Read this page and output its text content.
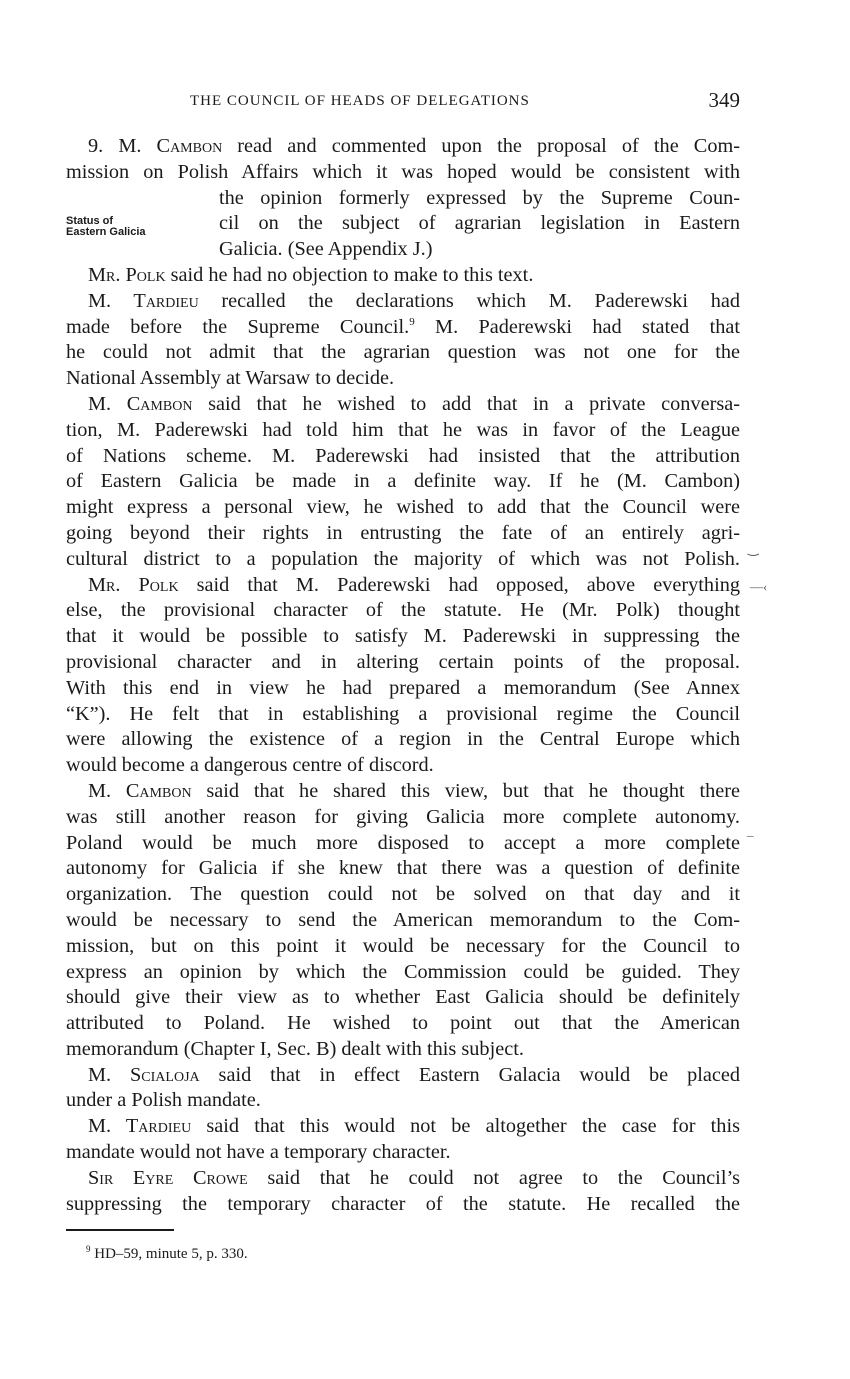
THE COUNCIL OF HEADS OF DELEGATIONS	349
Status of
Eastern Galicia
9. M. Cambon read and commented upon the proposal of the Com-
mission on Polish Affairs which it was hoped would be consistent with
the opinion formerly expressed by the Supreme Coun-
cil on the subject of agrarian legislation in Eastern
Galicia. (See Appendix J.)
Mr. Polk said he had no objection to make to this text.
M. Tardieu recalled the declarations which M. Paderewski had
made before the Supreme Council.$^9$ M. Paderewski had stated that
he could not admit that the agrarian question was not one for the
National Assembly at Warsaw to decide.
M. Cambon said that he wished to add that in a private conversa-
tion, M. Paderewski had told him that he was in favor of the League
of Nations scheme. M. Paderewski had insisted that the attribution
of Eastern Galicia be made in a definite way. If he (M. Cambon)
might express a personal view, he wished to add that the Council were
going beyond their rights in entrusting the fate of an entirely agri-
cultural district to a population the majority of which was not Polish.
Mr. Polk said that M. Paderewski had opposed, above everything
else, the provisional character of the statute. He (Mr. Polk) thought
that it would be possible to satisfy M. Paderewski in suppressing the
provisional character and in altering certain points of the proposal.
With this end in view he had prepared a memorandum (See Annex
“K”). He felt that in establishing a provisional regime the Council
were allowing the existence of a region in the Central Europe which
would become a dangerous centre of discord.
M. Cambon said that he shared this view, but that he thought there
was still another reason for giving Galicia more complete autonomy.
Poland would be much more disposed to accept a more complete
autonomy for Galicia if she knew that there was a question of definite
organization. The question could not be solved on that day and it
would be necessary to send the American memorandum to the Com-
mission, but on this point it would be necessary for the Council to
express an opinion by which the Commission could be guided. They
should give their view as to whether East Galicia should be definitely
attributed to Poland. He wished to point out that the American
memorandum (Chapter I, Sec. B) dealt with this subject.
M. Scialoja said that in effect Eastern Galacia would be placed
under a Polish mandate.
M. Tardieu said that this would not be altogether the case for this
mandate would not have a temporary character.
Sir Eyre Crowe said that he could not agree to the Council’s
suppressing the temporary character of the statute. He recalled the
$^9$ HD–59, minute 5, p. 330.
‿
—‹
_
